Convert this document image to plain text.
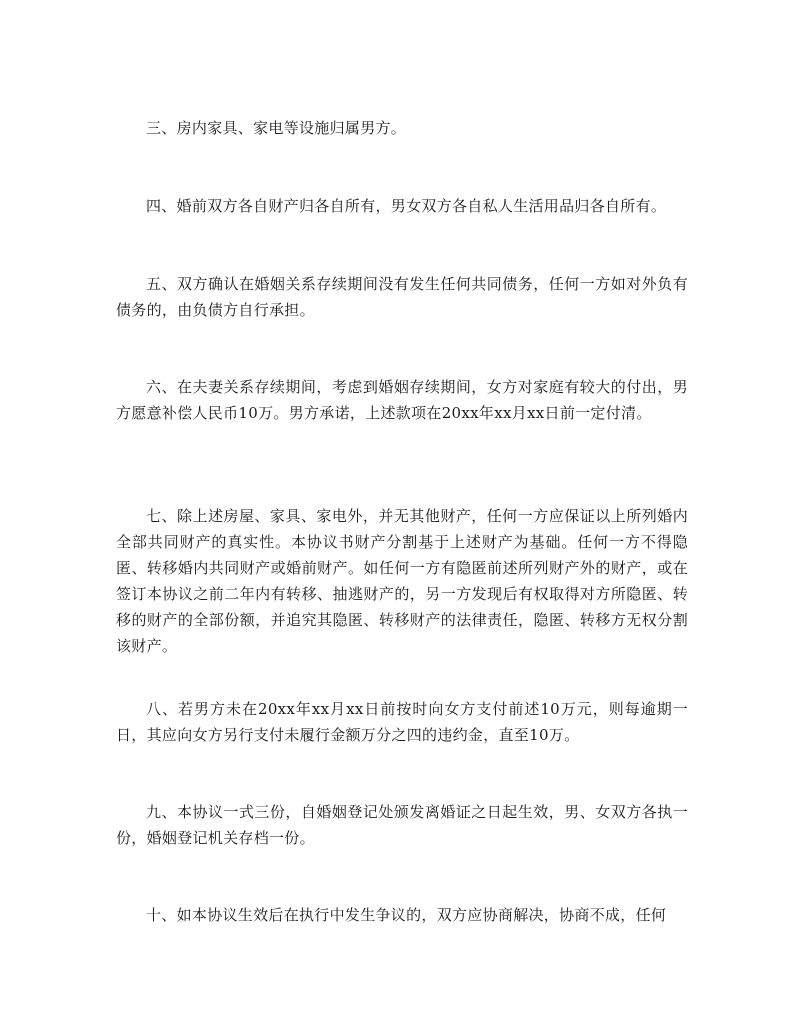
三、房内家具、家电等设施归属男方。

四、婚前双方各自财产归各自所有，男女双方各自私人生活用品归各自所有。

五、双方确认在婚姻关系存续期间没有发生任何共同债务，任何一方如对外负有债务的，由负债方自行承担。

六、在夫妻关系存续期间，考虑到婚姻存续期间，女方对家庭有较大的付出，男方愿意补偿人民币10万。男方承诺，上述款项在20xx年xx月xx日前一定付清。

七、除上述房屋、家具、家电外，并无其他财产，任何一方应保证以上所列婚内全部共同财产的真实性。本协议书财产分割基于上述财产为基础。任何一方不得隐匿、转移婚内共同财产或婚前财产。如任何一方有隐匿前述所列财产外的财产，或在签订本协议之前二年内有转移、抽逃财产的，另一方发现后有权取得对方所隐匿、转移的财产的全部份额，并追究其隐匿、转移财产的法律责任，隐匿、转移方无权分割该财产。

八、若男方未在20xx年xx月xx日前按时向女方支付前述10万元，则每逾期一日，其应向女方另行支付未履行金额万分之四的违约金，直至10万。

九、本协议一式三份，自婚姻登记处颁发离婚证之日起生效，男、女双方各执一份，婚姻登记机关存档一份。

十、如本协议生效后在执行中发生争议的，双方应协商解决，协商不成，任何
